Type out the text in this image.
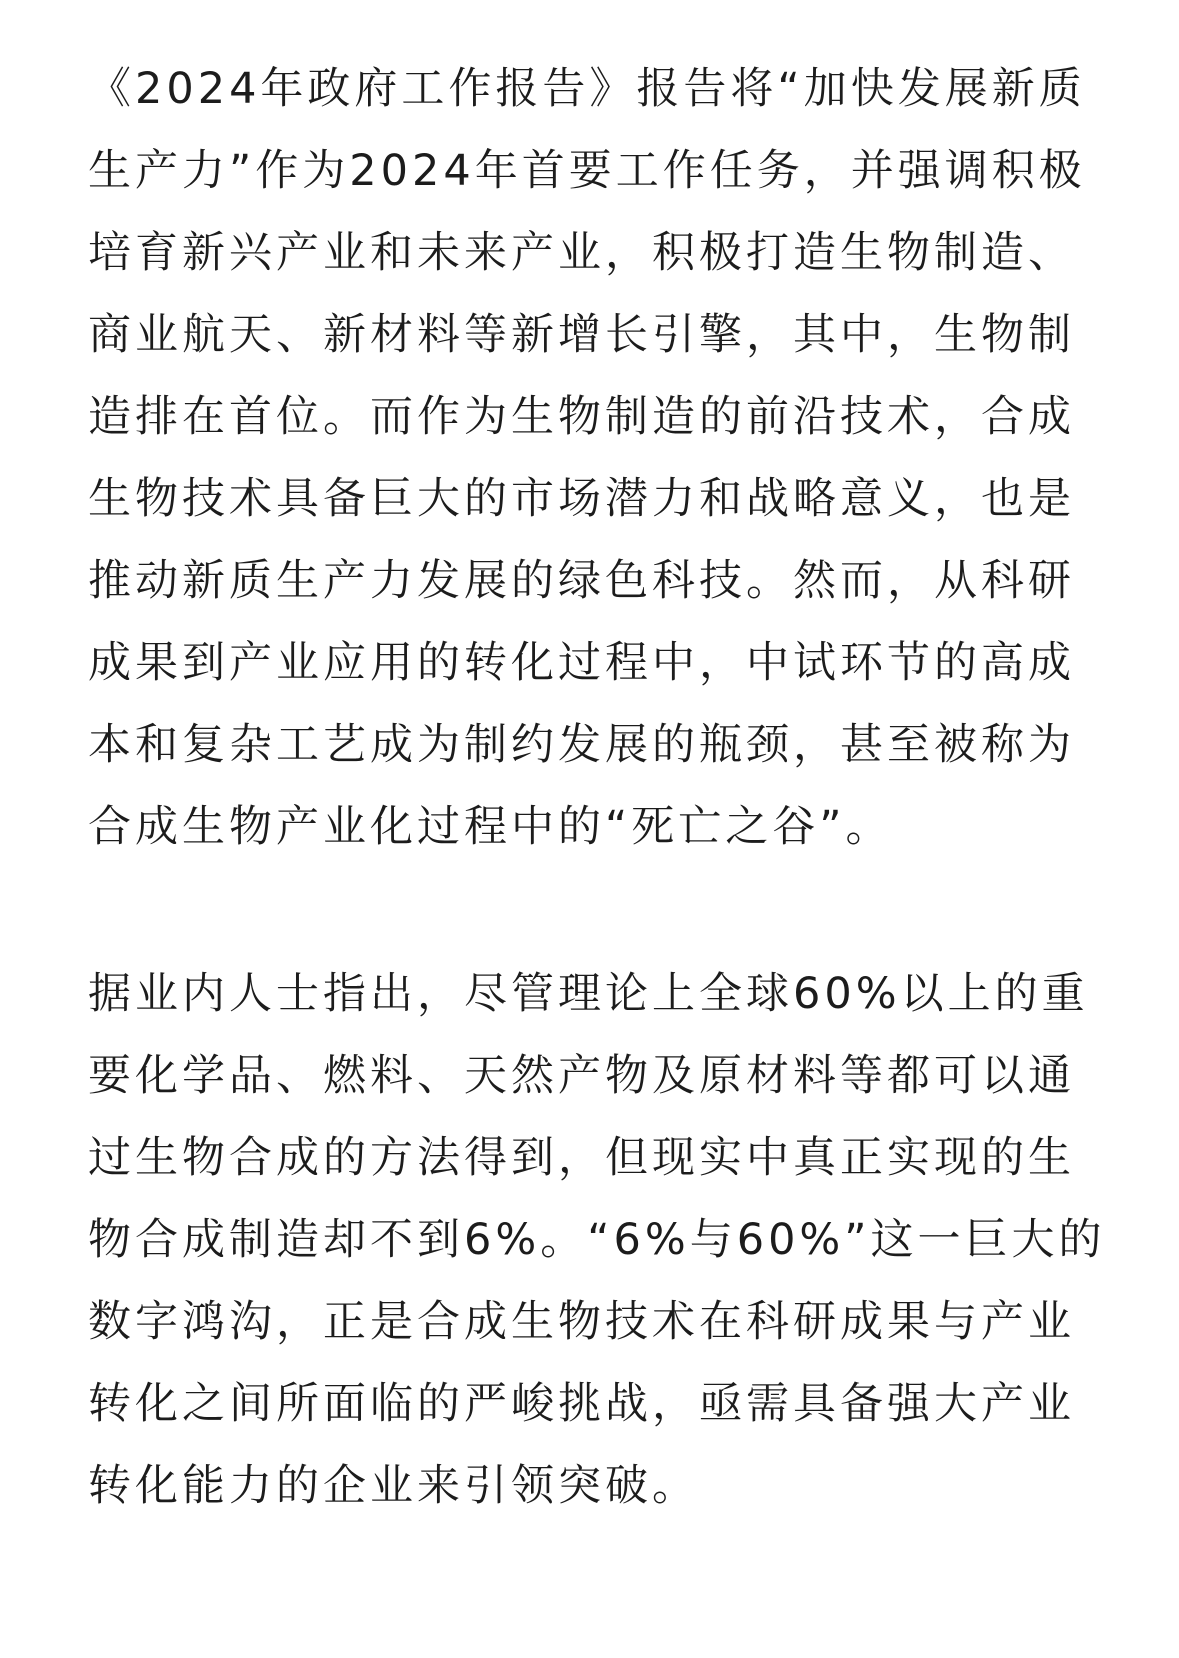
《2024年政府工作报告》报告将“加快发展新质
生产力”作为2024年首要工作任务，并强调积极
培育新兴产业和未来产业，积极打造生物制造、
商业航天、新材料等新增长引擎，其中，生物制
造排在首位。而作为生物制造的前沿技术，合成
生物技术具备巨大的市场潜力和战略意义，也是
推动新质生产力发展的绿色科技。然而，从科研
成果到产业应用的转化过程中，中试环节的高成
本和复杂工艺成为制约发展的瓶颈，甚至被称为
合成生物产业化过程中的“死亡之谷”。

据业内人士指出，尽管理论上全球60%以上的重
要化学品、燃料、天然产物及原材料等都可以通
过生物合成的方法得到，但现实中真正实现的生
物合成制造却不到6%。“6%与60%”这一巨大的
数字鸿沟，正是合成生物技术在科研成果与产业
转化之间所面临的严峻挑战，亟需具备强大产业
转化能力的企业来引领突破。
